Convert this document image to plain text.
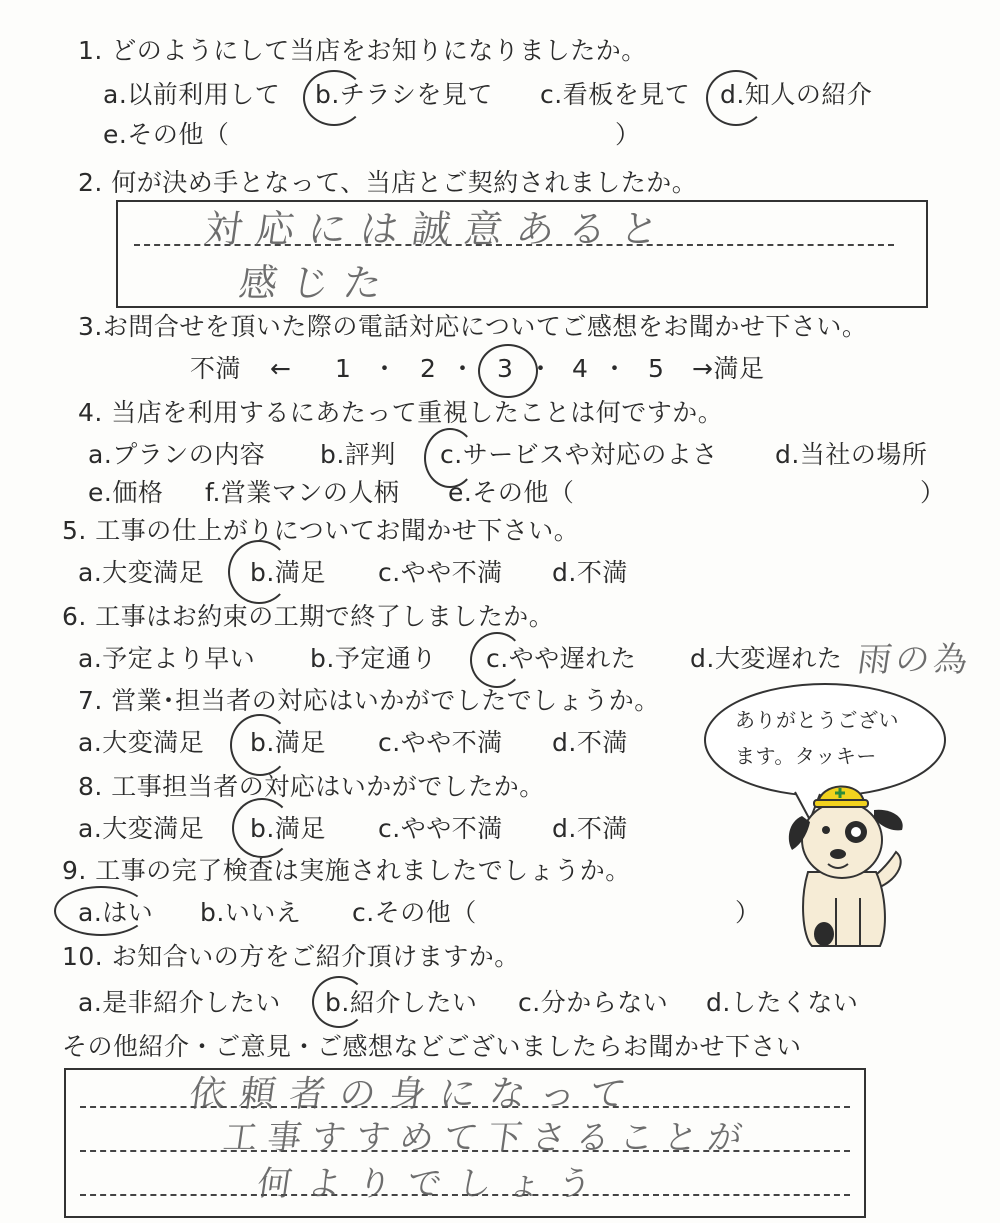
1. どのようにして当店をお知りになりましたか。
a.以前利用して b.チラシを見て c.看板を見て d.知人の紹介
e.その他（	）
2. 何が決め手となって、当店とご契約されましたか。
対応には誠意あると
感じた
3.お問合せを頂いた際の電話対応についてご感想をお聞かせ下さい。
不満 ← 1 ・ 2 ・ 3 ・ 4 ・ 5 →満足
4. 当店を利用するにあたって重視したことは何ですか。
a.プランの内容 b.評判 c.サービスや対応のよさ d.当社の場所
e.価格 f.営業マンの人柄 e.その他（	）
5. 工事の仕上がりについてお聞かせ下さい。
a.大変満足 b.満足 c.やや不満 d.不満
6. 工事はお約束の工期で終了しましたか。
a.予定より早い b.予定通り c.やや遅れた d.大変遅れた 雨の為
7. 営業･担当者の対応はいかがでしたでしょうか。
a.大変満足 b.満足 c.やや不満 d.不満
8. 工事担当者の対応はいかがでしたか。
a.大変満足 b.満足 c.やや不満 d.不満
9. 工事の完了検査は実施されましたでしょうか。
a.はい b.いいえ c.その他（	）
10. お知合いの方をご紹介頂けますか。
a.是非紹介したい b.紹介したい c.分からない d.したくない
その他紹介・ご意見・ご感想などございましたらお聞かせ下さい
依頼者の身になって
工事すすめて下さることが
何よりでしょう
ありがとうござい
ます。タッキー
